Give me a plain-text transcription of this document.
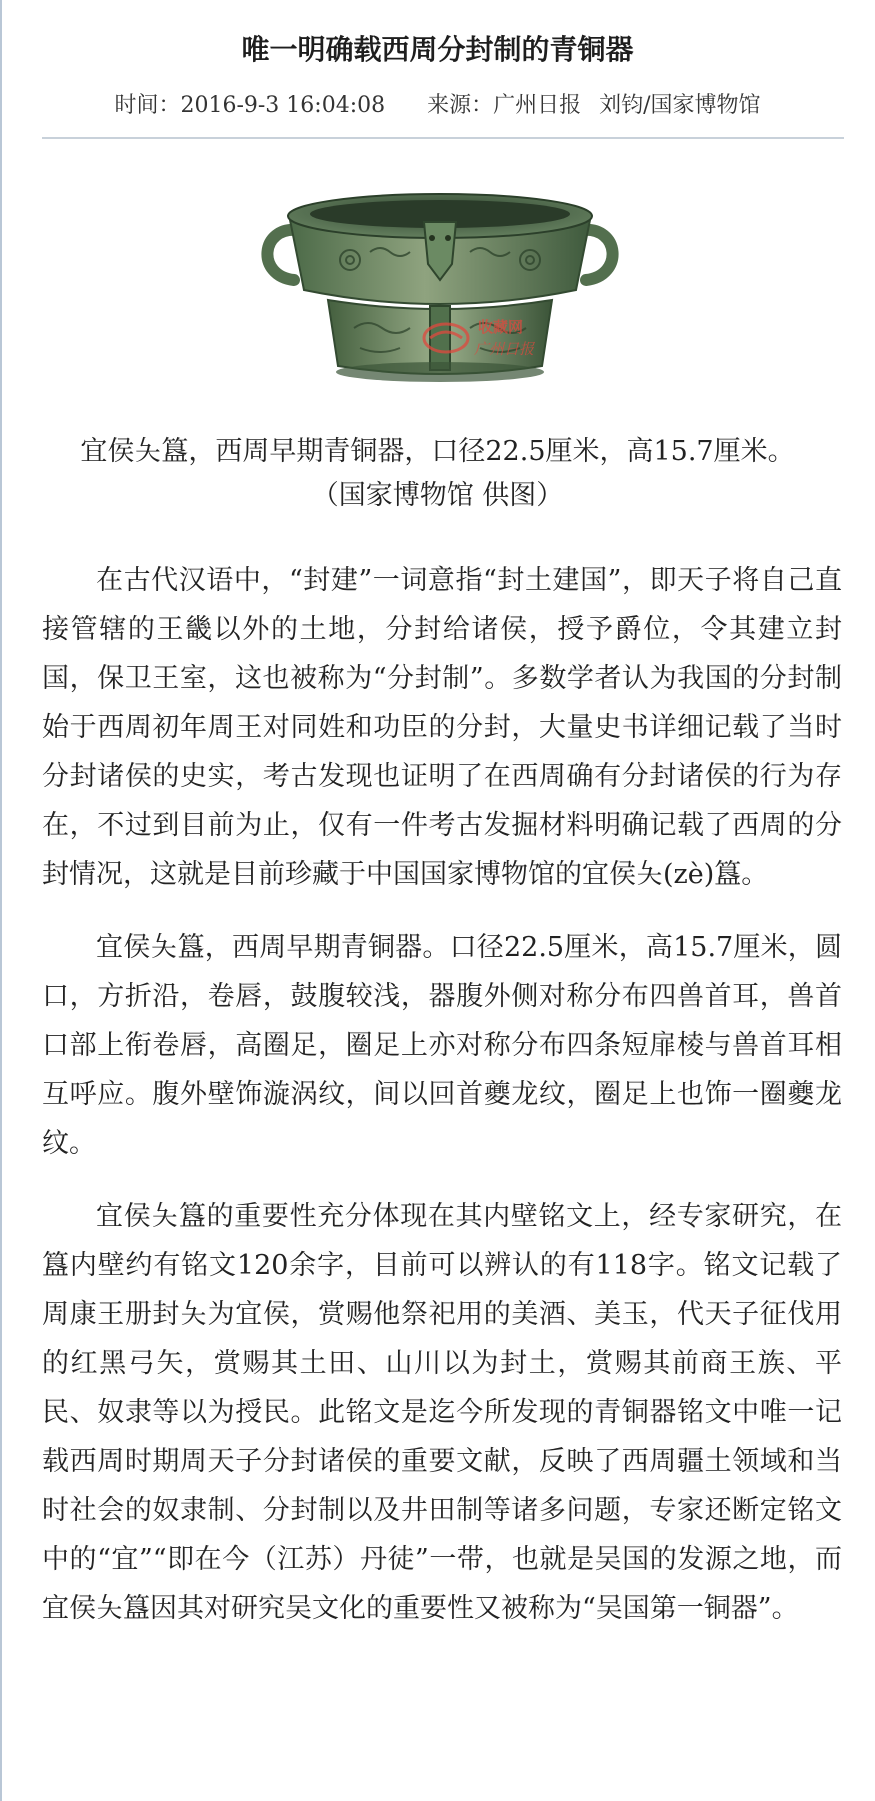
唯一明确载西周分封制的青铜器
时间：2016-9-3 16:04:08 来源：广州日报 刘钧/国家博物馆
收藏网
广州日报
宜侯夨簋，西周早期青铜器，口径22.5厘米，高15.7厘米。
（国家博物馆 供图）

在古代汉语中，“封建”一词意指“封土建国”，即天子将自己直接管辖的王畿以外的土地，分封给诸侯，授予爵位，令其建立封国，保卫王室，这也被称为“分封制”。多数学者认为我国的分封制始于西周初年周王对同姓和功臣的分封，大量史书详细记载了当时分封诸侯的史实，考古发现也证明了在西周确有分封诸侯的行为存在，不过到目前为止，仅有一件考古发掘材料明确记载了西周的分封情况，这就是目前珍藏于中国国家博物馆的宜侯夨(zè)簋。

宜侯夨簋，西周早期青铜器。口径22.5厘米，高15.7厘米，圆口，方折沿，卷唇，鼓腹较浅，器腹外侧对称分布四兽首耳，兽首口部上衔卷唇，高圈足，圈足上亦对称分布四条短扉棱与兽首耳相互呼应。腹外壁饰漩涡纹，间以回首夔龙纹，圈足上也饰一圈夔龙纹。

宜侯夨簋的重要性充分体现在其内壁铭文上，经专家研究，在簋内壁约有铭文120余字，目前可以辨认的有118字。铭文记载了周康王册封夨为宜侯，赏赐他祭祀用的美酒、美玉，代天子征伐用的红黑弓矢，赏赐其土田、山川以为封土，赏赐其前商王族、平民、奴隶等以为授民。此铭文是迄今所发现的青铜器铭文中唯一记载西周时期周天子分封诸侯的重要文献，反映了西周疆土领域和当时社会的奴隶制、分封制以及井田制等诸多问题，专家还断定铭文中的“宜”“即在今（江苏）丹徒”一带，也就是吴国的发源之地，而宜侯夨簋因其对研究吴文化的重要性又被称为“吴国第一铜器”。
